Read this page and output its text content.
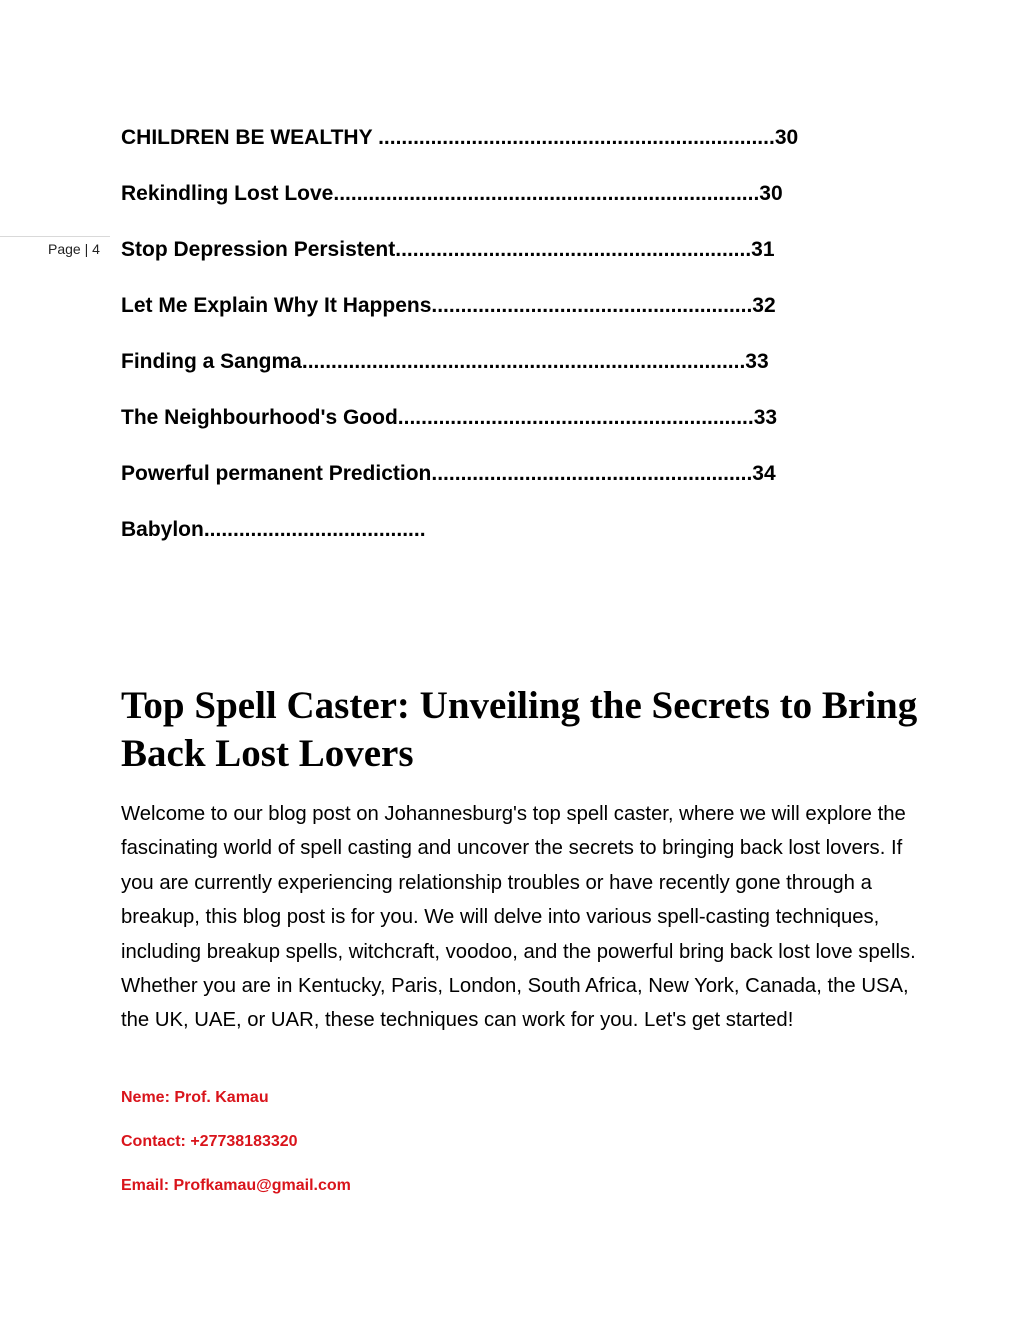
Page | 4
CHILDREN BE WEALTHY ....................................................................30
Rekindling Lost Love.........................................................................30
Stop Depression Persistent.............................................................31
Let Me Explain Why It Happens.......................................................32
Finding a Sangma............................................................................33
The Neighbourhood's Good.............................................................33
Powerful permanent Prediction.......................................................34
Babylon......................................
Top Spell Caster: Unveiling the Secrets to Bring Back Lost Lovers

Welcome to our blog post on Johannesburg's top spell caster, where we will explore the fascinating world of spell casting and uncover the secrets to bringing back lost lovers. If you are currently experiencing relationship troubles or have recently gone through a breakup, this blog post is for you. We will delve into various spell-casting techniques, including breakup spells, witchcraft, voodoo, and the powerful bring back lost love spells. Whether you are in Kentucky, Paris, London, South Africa, New York, Canada, the USA, the UK, UAE, or UAR, these techniques can work for you. Let's get started!

Neme: Prof. Kamau

Contact: +27738183320

Email: Profkamau@gmail.com
